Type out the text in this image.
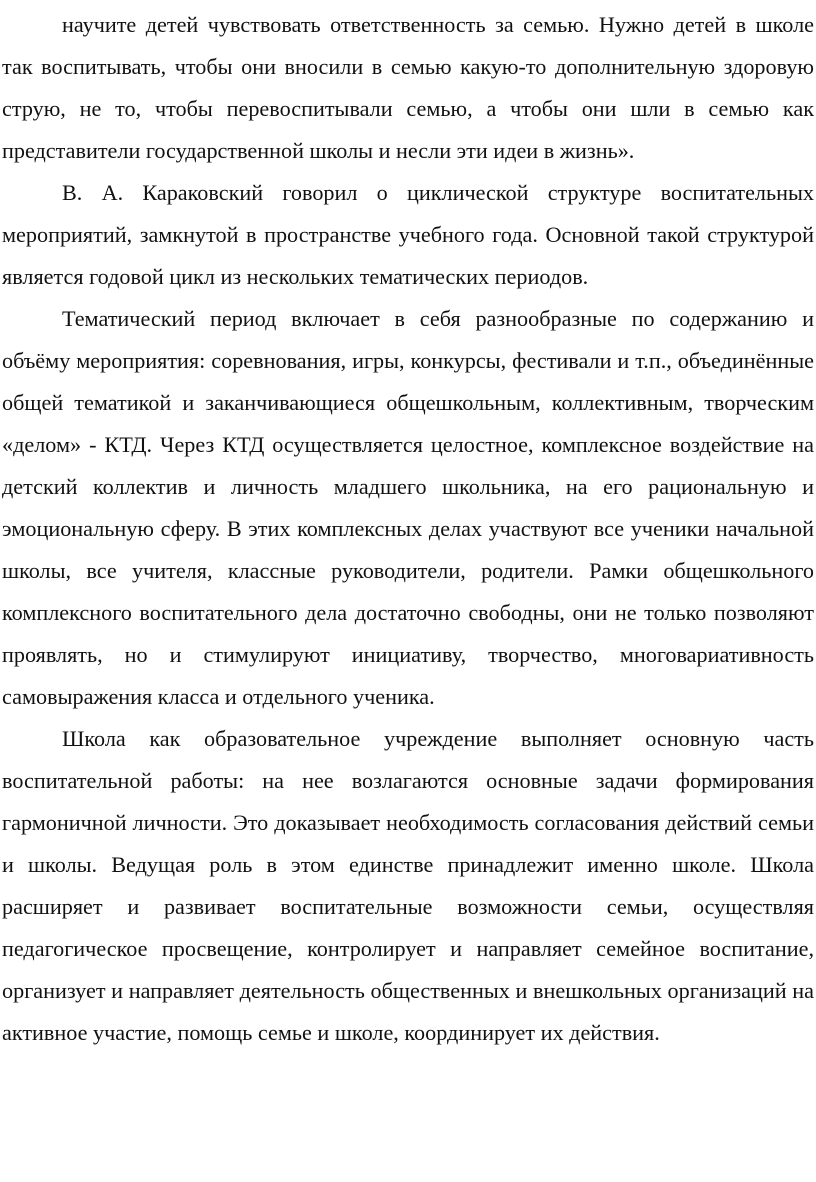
научите детей чувствовать ответственность за семью. Нужно детей в школе так воспитывать, чтобы они вносили в семью какую-то дополнительную здоровую струю, не то, чтобы перевоспитывали семью, а чтобы они шли в семью как представители государственной школы и несли эти идеи в жизнь».

В. А. Караковский говорил о циклической структуре воспитательных мероприятий, замкнутой в пространстве учебного года. Основной такой структурой является годовой цикл из нескольких тематических периодов.

Тематический период включает в себя разнообразные по содержанию и объёму мероприятия: соревнования, игры, конкурсы, фестивали и т.п., объединённые общей тематикой и заканчивающиеся общешкольным, коллективным, творческим «делом» - КТД. Через КТД осуществляется целостное, комплексное воздействие на детский коллектив и личность младшего школьника, на его рациональную и эмоциональную сферу. В этих комплексных делах участвуют все ученики начальной школы, все учителя, классные руководители, родители. Рамки общешкольного комплексного воспитательного дела достаточно свободны, они не только позволяют проявлять, но и стимулируют инициативу, творчество, многовариативность самовыражения класса и отдельного ученика.

Школа как образовательное учреждение выполняет основную часть воспитательной работы: на нее возлагаются основные задачи формирования гармоничной личности. Это доказывает необходимость согласования действий семьи и школы. Ведущая роль в этом единстве принадлежит именно школе. Школа расширяет и развивает воспитательные возможности семьи, осуществляя педагогическое просвещение, контролирует и направляет семейное воспитание, организует и направляет деятельность общественных и внешкольных организаций на активное участие, помощь семье и школе, координирует их действия.
